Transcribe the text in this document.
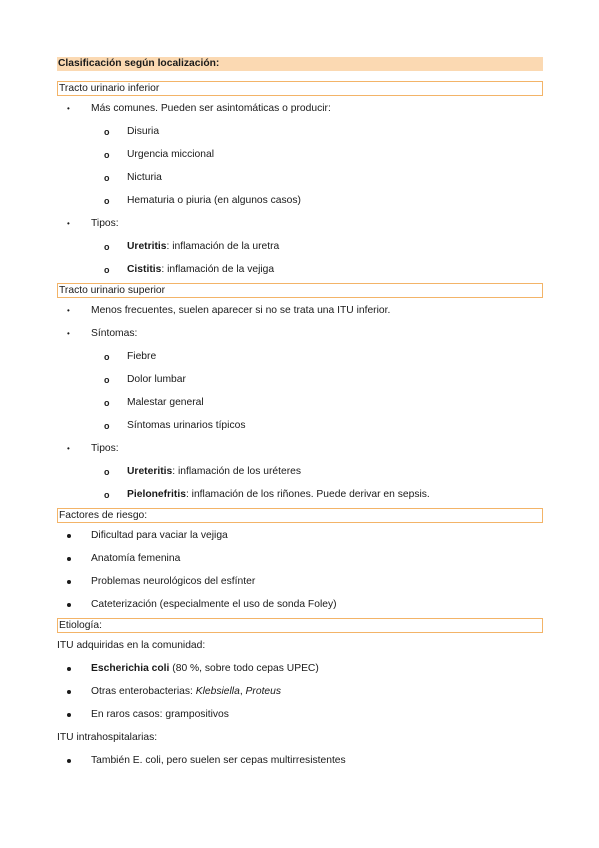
Clasificación según localización:
Tracto urinario inferior
• Más comunes. Pueden ser asintomáticas o producir:
o Disuria
o Urgencia miccional
o Nicturia
o Hematuria o piuria (en algunos casos)
• Tipos:
o Uretritis: inflamación de la uretra
o Cistitis: inflamación de la vejiga
Tracto urinario superior
• Menos frecuentes, suelen aparecer si no se trata una ITU inferior.
• Síntomas:
o Fiebre
o Dolor lumbar
o Malestar general
o Síntomas urinarios típicos
• Tipos:
o Ureteritis: inflamación de los uréteres
o Pielonefritis: inflamación de los riñones. Puede derivar en sepsis.
Factores de riesgo:
Dificultad para vaciar la vejiga
Anatomía femenina
Problemas neurológicos del esfínter
Cateterización (especialmente el uso de sonda Foley)
Etiología:
ITU adquiridas en la comunidad:
Escherichia coli (80 %, sobre todo cepas UPEC)
Otras enterobacterias: Klebsiella, Proteus
En raros casos: grampositivos
ITU intrahospitalarias:
También E. coli, pero suelen ser cepas multirresistentes
